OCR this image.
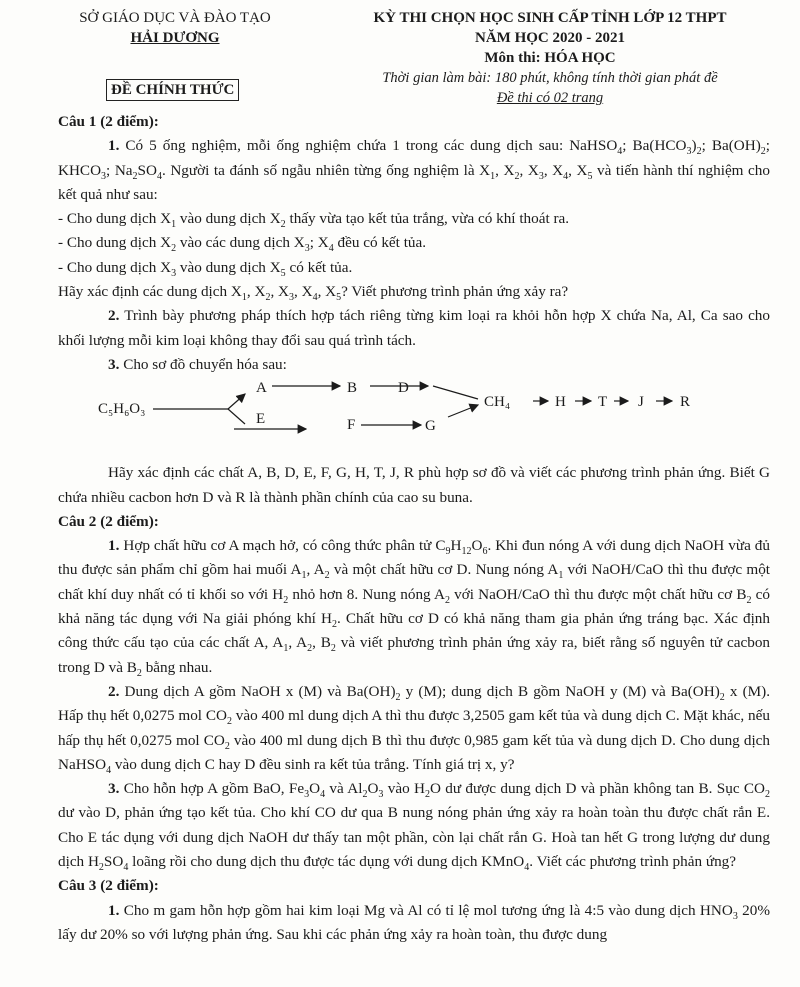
SỞ GIÁO DỤC VÀ ĐÀO TẠO
HẢI DƯƠNG
ĐỀ CHÍNH THỨC
KỲ THI CHỌN HỌC SINH CẤP TỈNH LỚP 12 THPT
NĂM HỌC 2020 - 2021
Môn thi: HÓA HỌC
Thời gian làm bài: 180 phút, không tính thời gian phát đề
Đề thi có 02 trang

Câu 1 (2 điểm):

1. Có 5 ống nghiệm, mỗi ống nghiệm chứa 1 trong các dung dịch sau: NaHSO$_4$; $Ba(HCO_3)_2$; $Ba(OH)_2$; $KHCO_3$; $Na_2SO_4$. Người ta đánh số ngẫu nhiên từng ống nghiệm là $X_1$, $X_2$, $X_3$, $X_4$, $X_5$ và tiến hành thí nghiệm cho kết quả như sau:

- Cho dung dịch $X_1$ vào dung dịch $X_2$ thấy vừa tạo kết tủa trắng, vừa có khí thoát ra.

- Cho dung dịch $X_2$ vào các dung dịch $X_3$; $X_4$ đều có kết tủa.

- Cho dung dịch $X_3$ vào dung dịch $X_5$ có kết tủa.

Hãy xác định các dung dịch $X_1$, $X_2$, $X_3$, $X_4$, $X_5$? Viết phương trình phản ứng xảy ra?

2. Trình bày phương pháp thích hợp tách riêng từng kim loại ra khỏi hỗn hợp X chứa Na, Al, Ca sao cho khối lượng mỗi kim loại không thay đổi sau quá trình tách.

3. Cho sơ đồ chuyển hóa sau:

C₅H₆O₃
A	B	D
E	F	G
CH₄	H T J R

Hãy xác định các chất A, B, D, E, F, G, H, T, J, R phù hợp sơ đồ và viết các phương trình phản ứng. Biết G chứa nhiều cacbon hơn D và R là thành phần chính của cao su buna.

Câu 2 (2 điểm):

1. Hợp chất hữu cơ A mạch hở, có công thức phân tử $C_9H_{12}O_6$. Khi đun nóng A với dung dịch NaOH vừa đủ thu được sản phẩm chỉ gồm hai muối $A_1$, $A_2$ và một chất hữu cơ D. Nung nóng $A_1$ với NaOH/CaO thì thu được một chất khí duy nhất có tỉ khối so với $H_2$ nhỏ hơn 8. Nung nóng $A_2$ với NaOH/CaO thì thu được một chất hữu cơ $B_2$ có khả năng tác dụng với Na giải phóng khí $H_2$. Chất hữu cơ D có khả năng tham gia phản ứng tráng bạc. Xác định công thức cấu tạo của các chất A, $A_1$, $A_2$, $B_2$ và viết phương trình phản ứng xảy ra, biết rằng số nguyên tử cacbon trong D và $B_2$ bằng nhau.

2. Dung dịch A gồm NaOH x (M) và $Ba(OH)_2$ y (M); dung dịch B gồm NaOH y (M) và $Ba(OH)_2$ x (M). Hấp thụ hết 0,0275 mol $CO_2$ vào 400 ml dung dịch A thì thu được 3,2505 gam kết tủa và dung dịch C. Mặt khác, nếu hấp thụ hết 0,0275 mol $CO_2$ vào 400 ml dung dịch B thì thu được 0,985 gam kết tủa và dung dịch D. Cho dung dịch NaHSO$_4$ vào dung dịch C hay D đều sinh ra kết tủa trắng. Tính giá trị x, y?

3. Cho hỗn hợp A gồm BaO, $Fe_3O_4$ và $Al_2O_3$ vào $H_2O$ dư được dung dịch D và phần không tan B. Sục $CO_2$ dư vào D, phản ứng tạo kết tủa. Cho khí CO dư qua B nung nóng phản ứng xảy ra hoàn toàn thu được chất rắn E. Cho E tác dụng với dung dịch NaOH dư thấy tan một phần, còn lại chất rắn G. Hoà tan hết G trong lượng dư dung dịch $H_2SO_4$ loãng rồi cho dung dịch thu được tác dụng với dung dịch KMnO$_4$. Viết các phương trình phản ứng?

Câu 3 (2 điểm):

1. Cho m gam hỗn hợp gồm hai kim loại Mg và Al có tỉ lệ mol tương ứng là 4:5 vào dung dịch $HNO_3$ 20% lấy dư 20% so với lượng phản ứng. Sau khi các phản ứng xảy ra hoàn toàn, thu được dung
